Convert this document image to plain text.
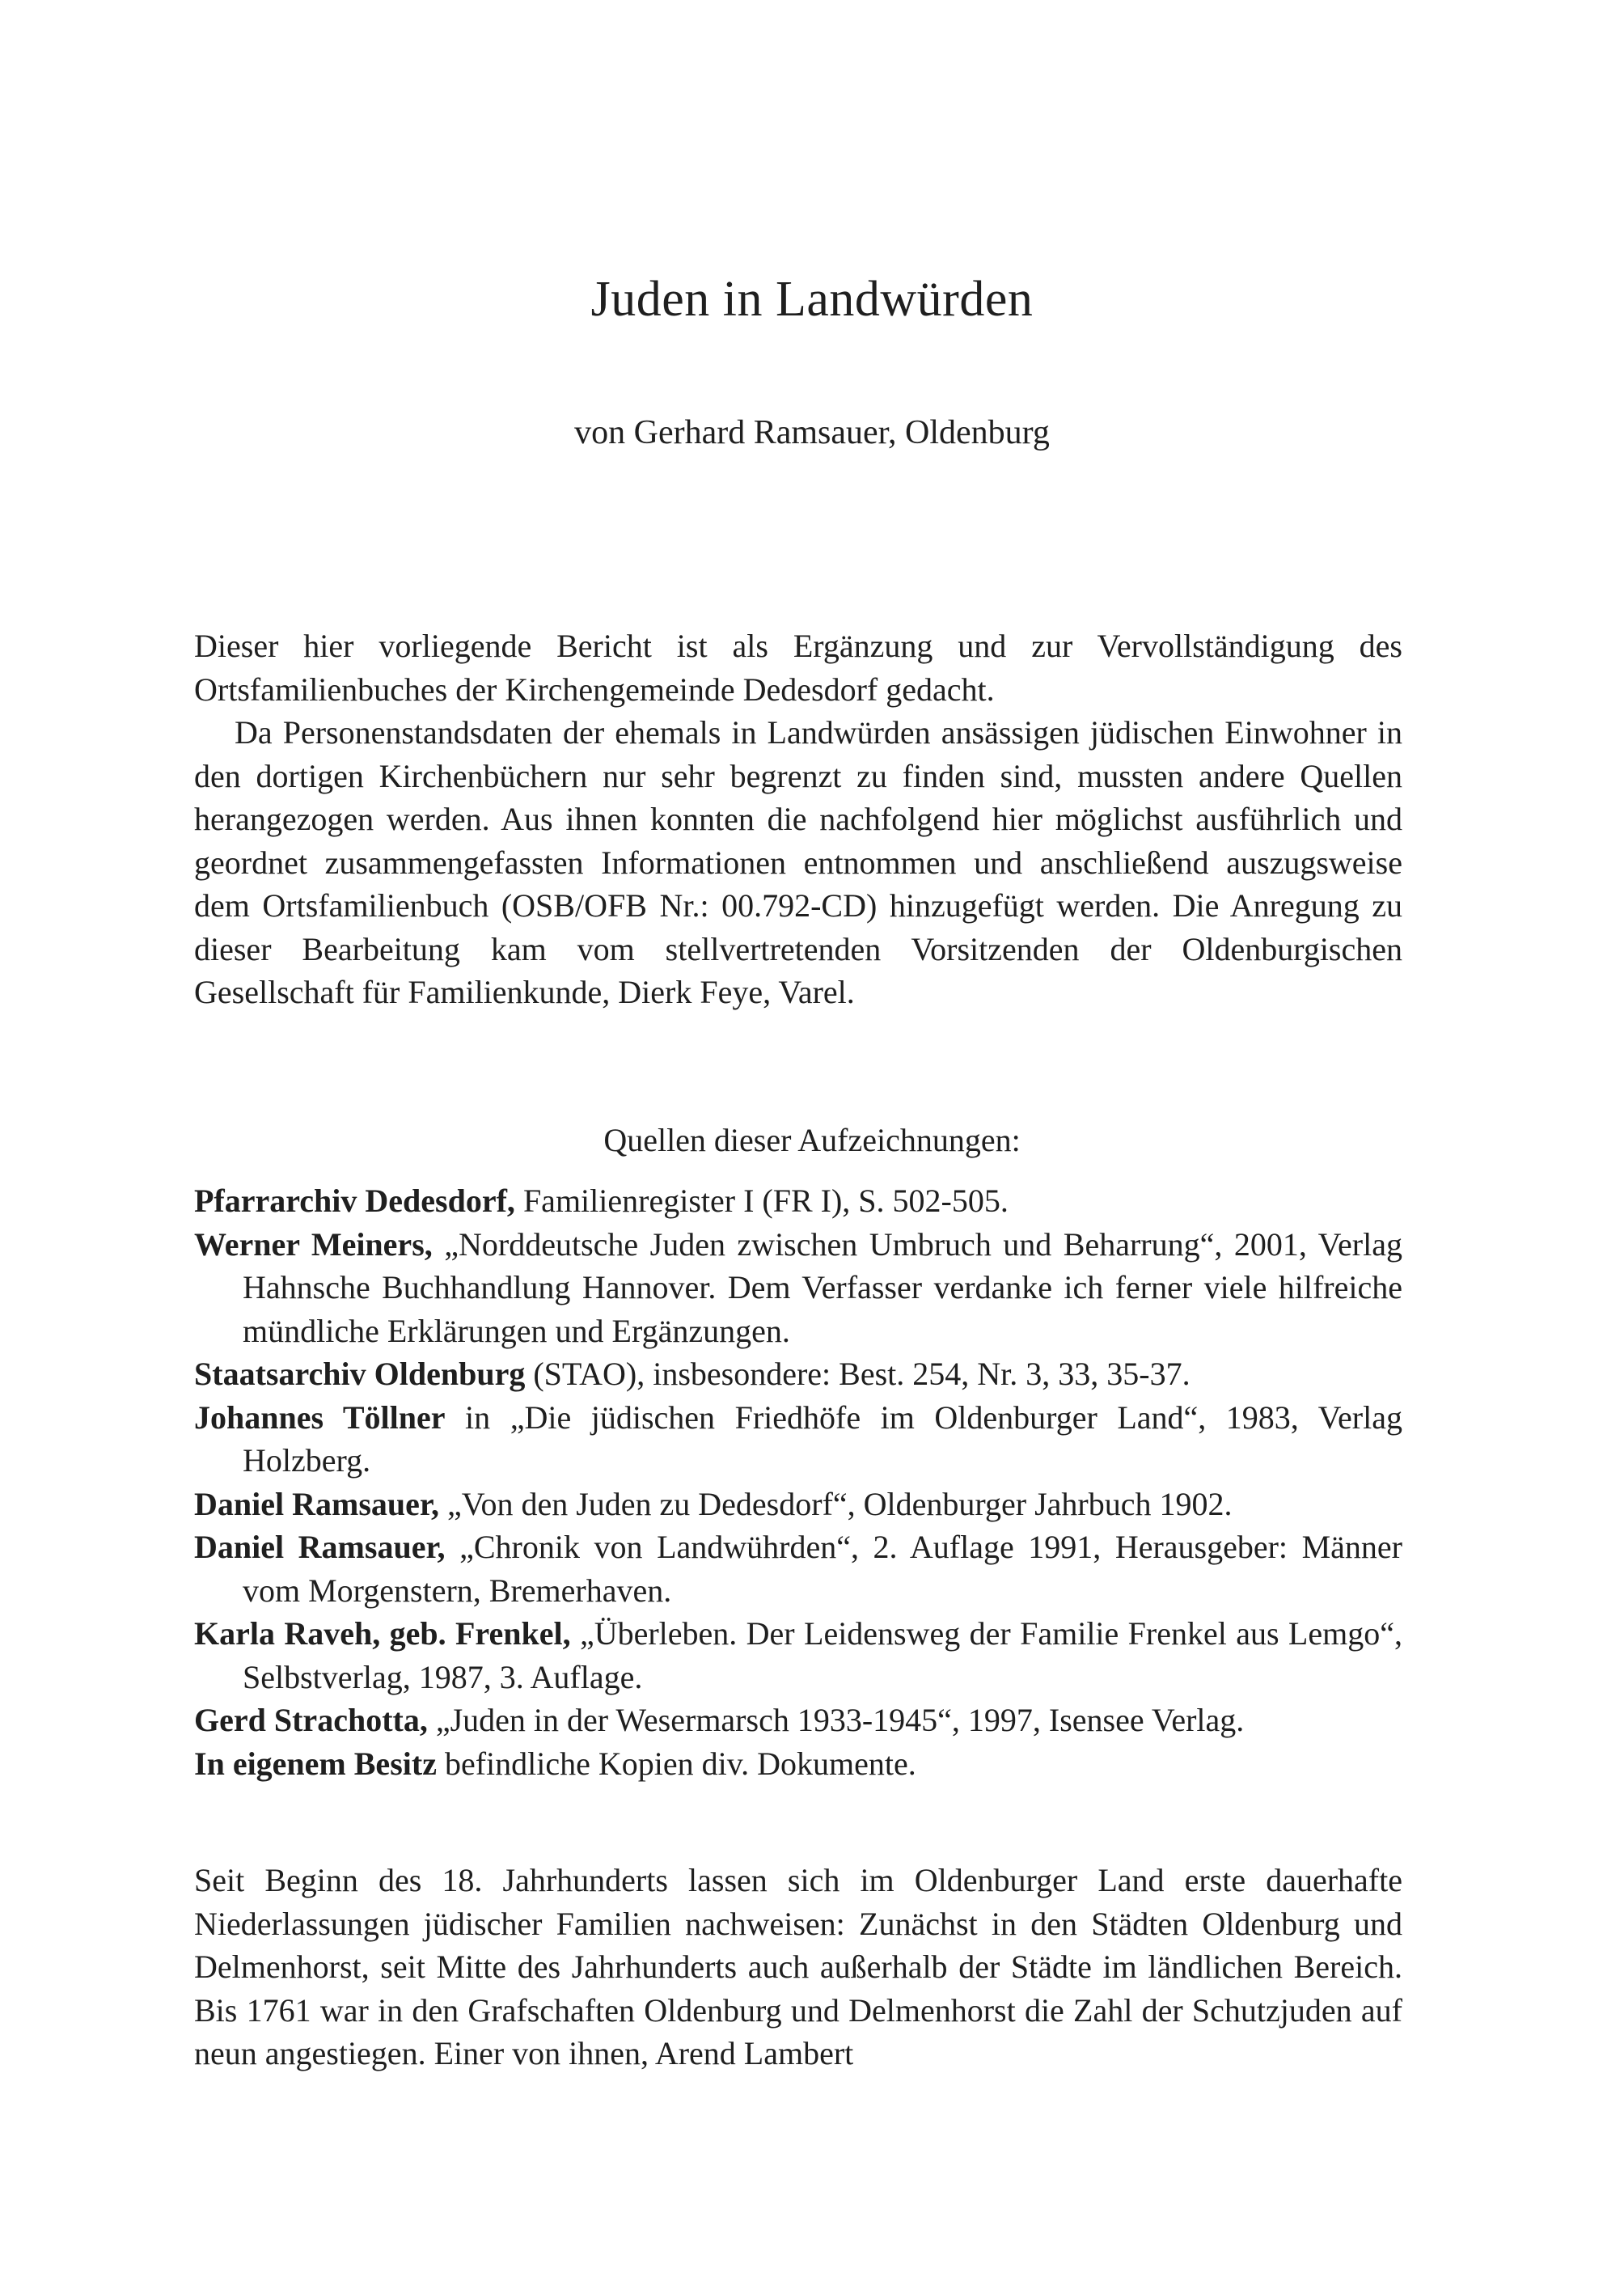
Juden in Landwürden
von Gerhard Ramsauer, Oldenburg

Dieser hier vorliegende Bericht ist als Ergänzung und zur Vervollständigung des Ortsfamilienbuches der Kirchengemeinde Dedesdorf gedacht.

Da Personenstandsdaten der ehemals in Landwürden ansässigen jüdischen Einwohner in den dortigen Kirchenbüchern nur sehr begrenzt zu finden sind, mussten andere Quellen herangezogen werden. Aus ihnen konnten die nachfolgend hier möglichst ausführlich und geordnet zusammengefassten Informationen entnommen und anschließend auszugsweise dem Ortsfamilienbuch (OSB/OFB Nr.: 00.792-CD) hinzugefügt werden. Die Anregung zu dieser Bearbeitung kam vom stellvertretenden Vorsitzenden der Oldenburgischen Gesellschaft für Familienkunde, Dierk Feye, Varel.

Quellen dieser Aufzeichnungen:
Pfarrarchiv Dedesdorf, Familienregister I (FR I), S. 502-505.
Werner Meiners, „Norddeutsche Juden zwischen Umbruch und Beharrung“, 2001, Verlag Hahnsche Buchhandlung Hannover. Dem Verfasser verdanke ich ferner viele hilfreiche mündliche Erklärungen und Ergänzungen.
Staatsarchiv Oldenburg (STAO), insbesondere: Best. 254, Nr. 3, 33, 35-37.
Johannes Töllner in „Die jüdischen Friedhöfe im Oldenburger Land“, 1983, Verlag Holzberg.
Daniel Ramsauer, „Von den Juden zu Dedesdorf“, Oldenburger Jahrbuch 1902.
Daniel Ramsauer, „Chronik von Landwührden“, 2. Auflage 1991, Herausgeber: Männer vom Morgenstern, Bremerhaven.
Karla Raveh, geb. Frenkel, „Überleben. Der Leidensweg der Familie Frenkel aus Lemgo“, Selbstverlag, 1987, 3. Auflage.
Gerd Strachotta, „Juden in der Wesermarsch 1933-1945“, 1997, Isensee Verlag.
In eigenem Besitz befindliche Kopien div. Dokumente.

Seit Beginn des 18. Jahrhunderts lassen sich im Oldenburger Land erste dauerhafte Niederlassungen jüdischer Familien nachweisen: Zunächst in den Städten Oldenburg und Delmenhorst, seit Mitte des Jahrhunderts auch außerhalb der Städte im ländlichen Bereich. Bis 1761 war in den Grafschaften Oldenburg und Delmenhorst die Zahl der Schutzjuden auf neun angestiegen. Einer von ihnen, Arend Lambert
